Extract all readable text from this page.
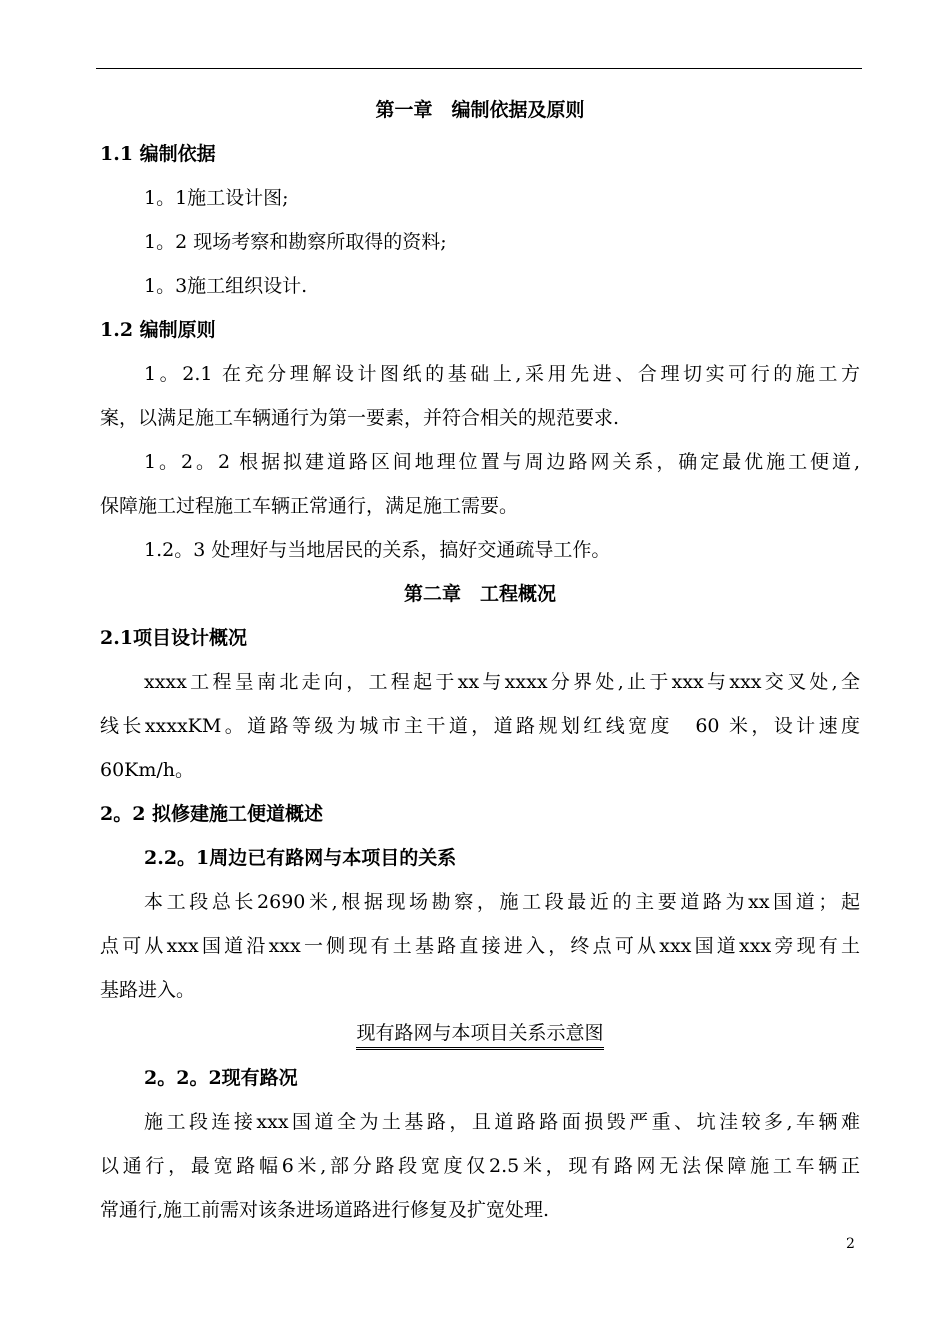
第一章　编制依据及原则
1.1 编制依据
1。1施工设计图;
1。2 现场考察和勘察所取得的资料;
1。3施工组织设计.
1.2 编制原则
1。2.1 在充分理解设计图纸的基础上,采用先进、合理切实可行的施工方
案，以满足施工车辆通行为第一要素，并符合相关的规范要求.
1。2。2 根据拟建道路区间地理位置与周边路网关系，确定最优施工便道,
保障施工过程施工车辆正常通行，满足施工需要。
1.2。3 处理好与当地居民的关系，搞好交通疏导工作。
第二章　工程概况
2.1项目设计概况
xxxx工程呈南北走向，工程起于xx与xxxx分界处,止于xxx与xxx交叉处,全
线长xxxxKM。道路等级为城市主干道，道路规划红线宽度　60 米，设计速度
60Km/h。
2。2 拟修建施工便道概述
2.2。1周边已有路网与本项目的关系
本工段总长2690米,根据现场勘察，施工段最近的主要道路为xx国道；起
点可从xxx国道沿xxx一侧现有土基路直接进入，终点可从xxx国道xxx旁现有土
基路进入。
现有路网与本项目关系示意图
2。2。2现有路况
施工段连接xxx国道全为土基路，且道路路面损毁严重、坑洼较多,车辆难
以通行，最宽路幅6米,部分路段宽度仅2.5米，现有路网无法保障施工车辆正
常通行,施工前需对该条进场道路进行修复及扩宽处理.
2
